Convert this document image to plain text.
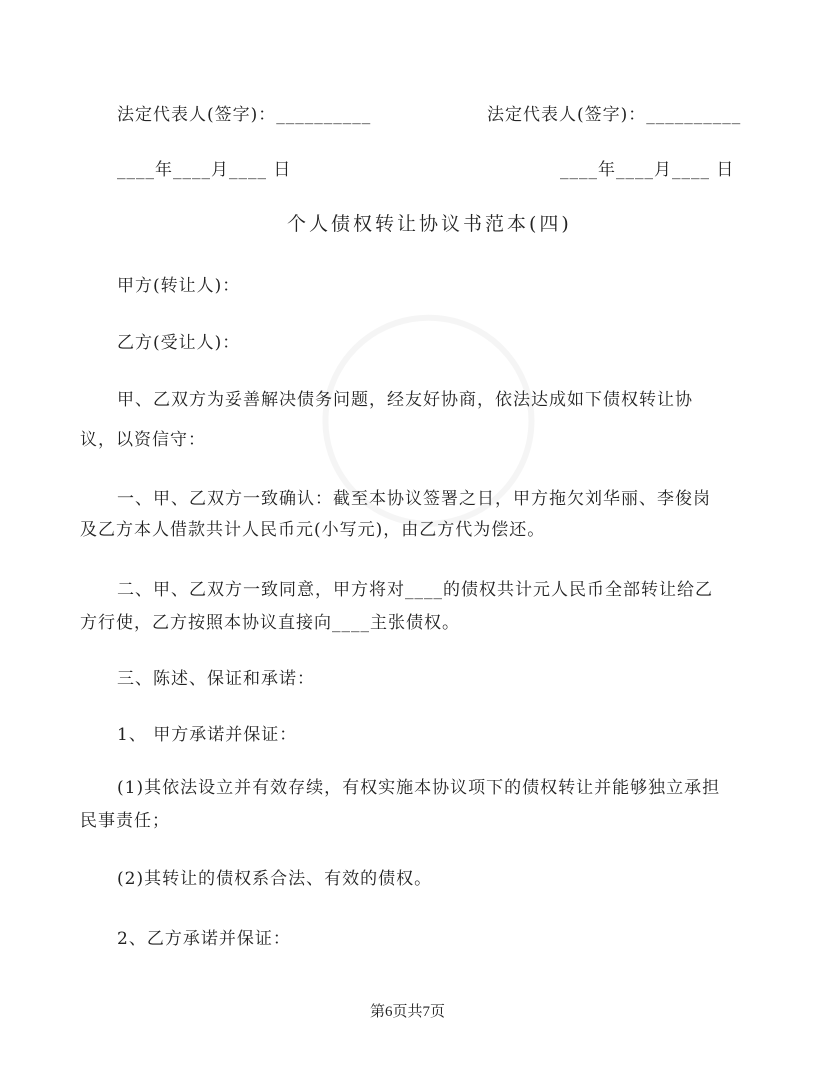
法定代表人(签字)：__________	法定代表人(签字)：__________
____年____月____ 日	____年____月____ 日
个人债权转让协议书范本(四)
甲方(转让人)：
乙方(受让人)：
甲、乙双方为妥善解决债务问题，经友好协商，依法达成如下债权转让协
议，以资信守：
一、甲、乙双方一致确认：截至本协议签署之日，甲方拖欠刘华丽、李俊岗
及乙方本人借款共计人民币元(小写元)，由乙方代为偿还。
二、甲、乙双方一致同意，甲方将对____的债权共计元人民币全部转让给乙
方行使，乙方按照本协议直接向____主张债权。
三、陈述、保证和承诺：
1、 甲方承诺并保证：
(1)其依法设立并有效存续，有权实施本协议项下的债权转让并能够独立承担
民事责任；
(2)其转让的债权系合法、有效的债权。
2、乙方承诺并保证：
第6页共7页
